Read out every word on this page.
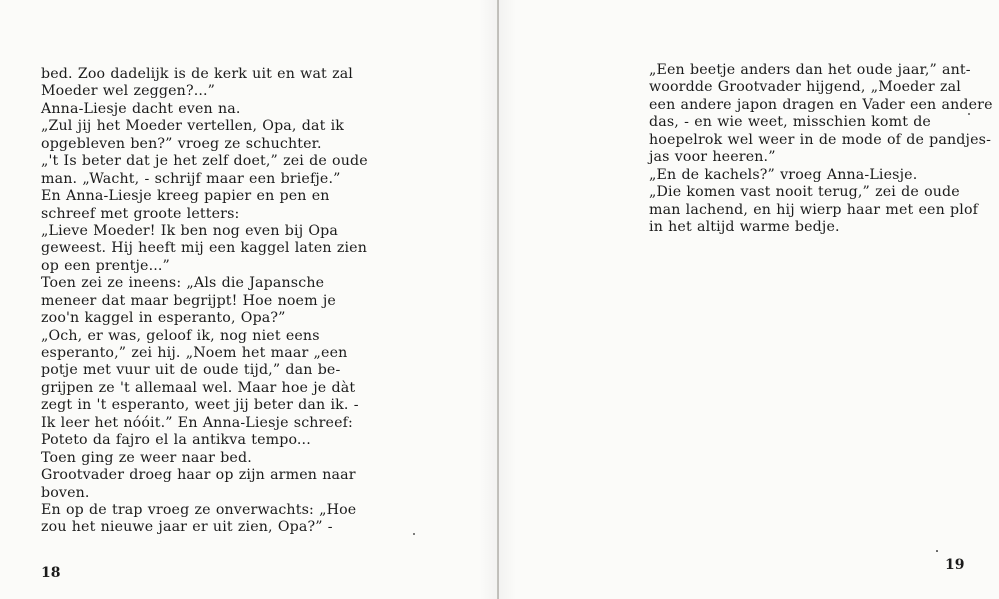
bed. Zoo dadelijk is de kerk uit en wat zal
Moeder wel zeggen?...”
Anna-Liesje dacht even na.
„Zul jij het Moeder vertellen, Opa, dat ik
opgebleven ben?” vroeg ze schuchter.
„'t Is beter dat je het zelf doet,” zei de oude
man. „Wacht, - schrijf maar een briefje.”
En Anna-Liesje kreeg papier en pen en
schreef met groote letters:
„Lieve Moeder! Ik ben nog even bij Opa
geweest. Hij heeft mij een kaggel laten zien
op een prentje...”
Toen zei ze ineens: „Als die Japansche
meneer dat maar begrijpt! Hoe noem je
zoo'n kaggel in esperanto, Opa?”
„Och, er was, geloof ik, nog niet eens
esperanto,” zei hij. „Noem het maar „een
potje met vuur uit de oude tijd,” dan be-
grijpen ze 't allemaal wel. Maar hoe je dàt
zegt in 't esperanto, weet jij beter dan ik. -
Ik leer het nóóit.” En Anna-Liesje schreef:
Poteto da fajro el la antikva tempo...
Toen ging ze weer naar bed.
Grootvader droeg haar op zijn armen naar
boven.
En op de trap vroeg ze onverwachts: „Hoe
zou het nieuwe jaar er uit zien, Opa?” -
18
„Een beetje anders dan het oude jaar,” ant-
woordde Grootvader hijgend, „Moeder zal
een andere japon dragen en Vader een andere
das, - en wie weet, misschien komt de
hoepelrok wel weer in de mode of de pandjes-
jas voor heeren.”
„En de kachels?” vroeg Anna-Liesje.
„Die komen vast nooit terug,” zei de oude
man lachend, en hij wierp haar met een plof
in het altijd warme bedje.
19
